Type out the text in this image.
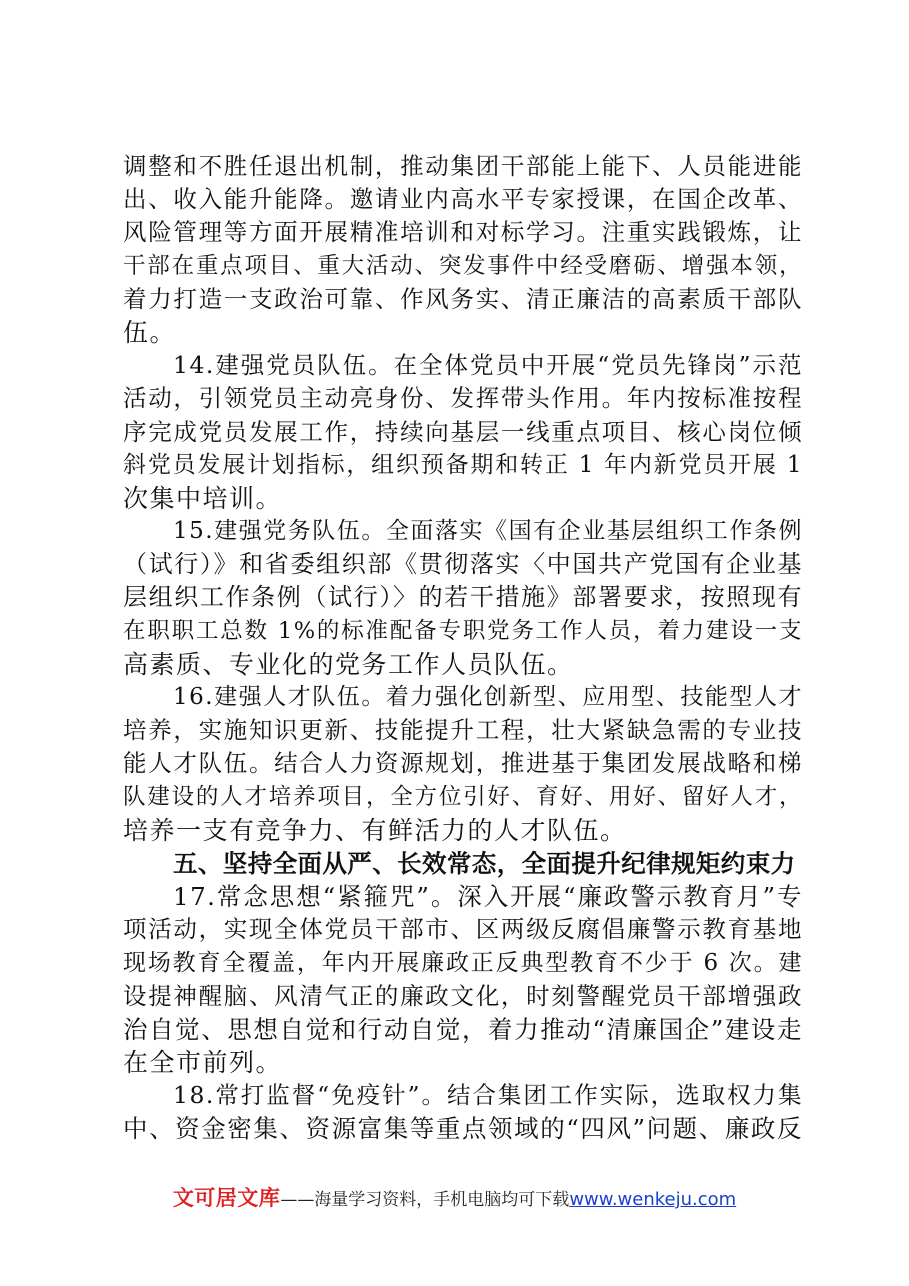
调整和不胜任退出机制，推动集团干部能上能下、人员能进能
出、收入能升能降。邀请业内高水平专家授课，在国企改革、
风险管理等方面开展精准培训和对标学习。注重实践锻炼，让
干部在重点项目、重大活动、突发事件中经受磨砺、增强本领，
着力打造一支政治可靠、作风务实、清正廉洁的高素质干部队
伍。
14.建强党员队伍。在全体党员中开展“党员先锋岗”示范
活动，引领党员主动亮身份、发挥带头作用。年内按标准按程
序完成党员发展工作，持续向基层一线重点项目、核心岗位倾
斜党员发展计划指标，组织预备期和转正 1 年内新党员开展 1
次集中培训。
15.建强党务队伍。全面落实《国有企业基层组织工作条例
（试行）》和省委组织部《贯彻落实〈中国共产党国有企业基
层组织工作条例（试行）〉的若干措施》部署要求，按照现有
在职职工总数 1%的标准配备专职党务工作人员，着力建设一支
高素质、专业化的党务工作人员队伍。
16.建强人才队伍。着力强化创新型、应用型、技能型人才
培养，实施知识更新、技能提升工程，壮大紧缺急需的专业技
能人才队伍。结合人力资源规划，推进基于集团发展战略和梯
队建设的人才培养项目，全方位引好、育好、用好、留好人才，
培养一支有竞争力、有鲜活力的人才队伍。
五、坚持全面从严、长效常态，全面提升纪律规矩约束力
17.常念思想“紧箍咒”。深入开展“廉政警示教育月”专
项活动，实现全体党员干部市、区两级反腐倡廉警示教育基地
现场教育全覆盖，年内开展廉政正反典型教育不少于 6 次。建
设提神醒脑、风清气正的廉政文化，时刻警醒党员干部增强政
治自觉、思想自觉和行动自觉，着力推动“清廉国企”建设走
在全市前列。
18.常打监督“免疫针”。结合集团工作实际，选取权力集
中、资金密集、资源富集等重点领域的“四风”问题、廉政反
文可居文库——海量学习资料，手机电脑均可下载www.wenkeju.com
